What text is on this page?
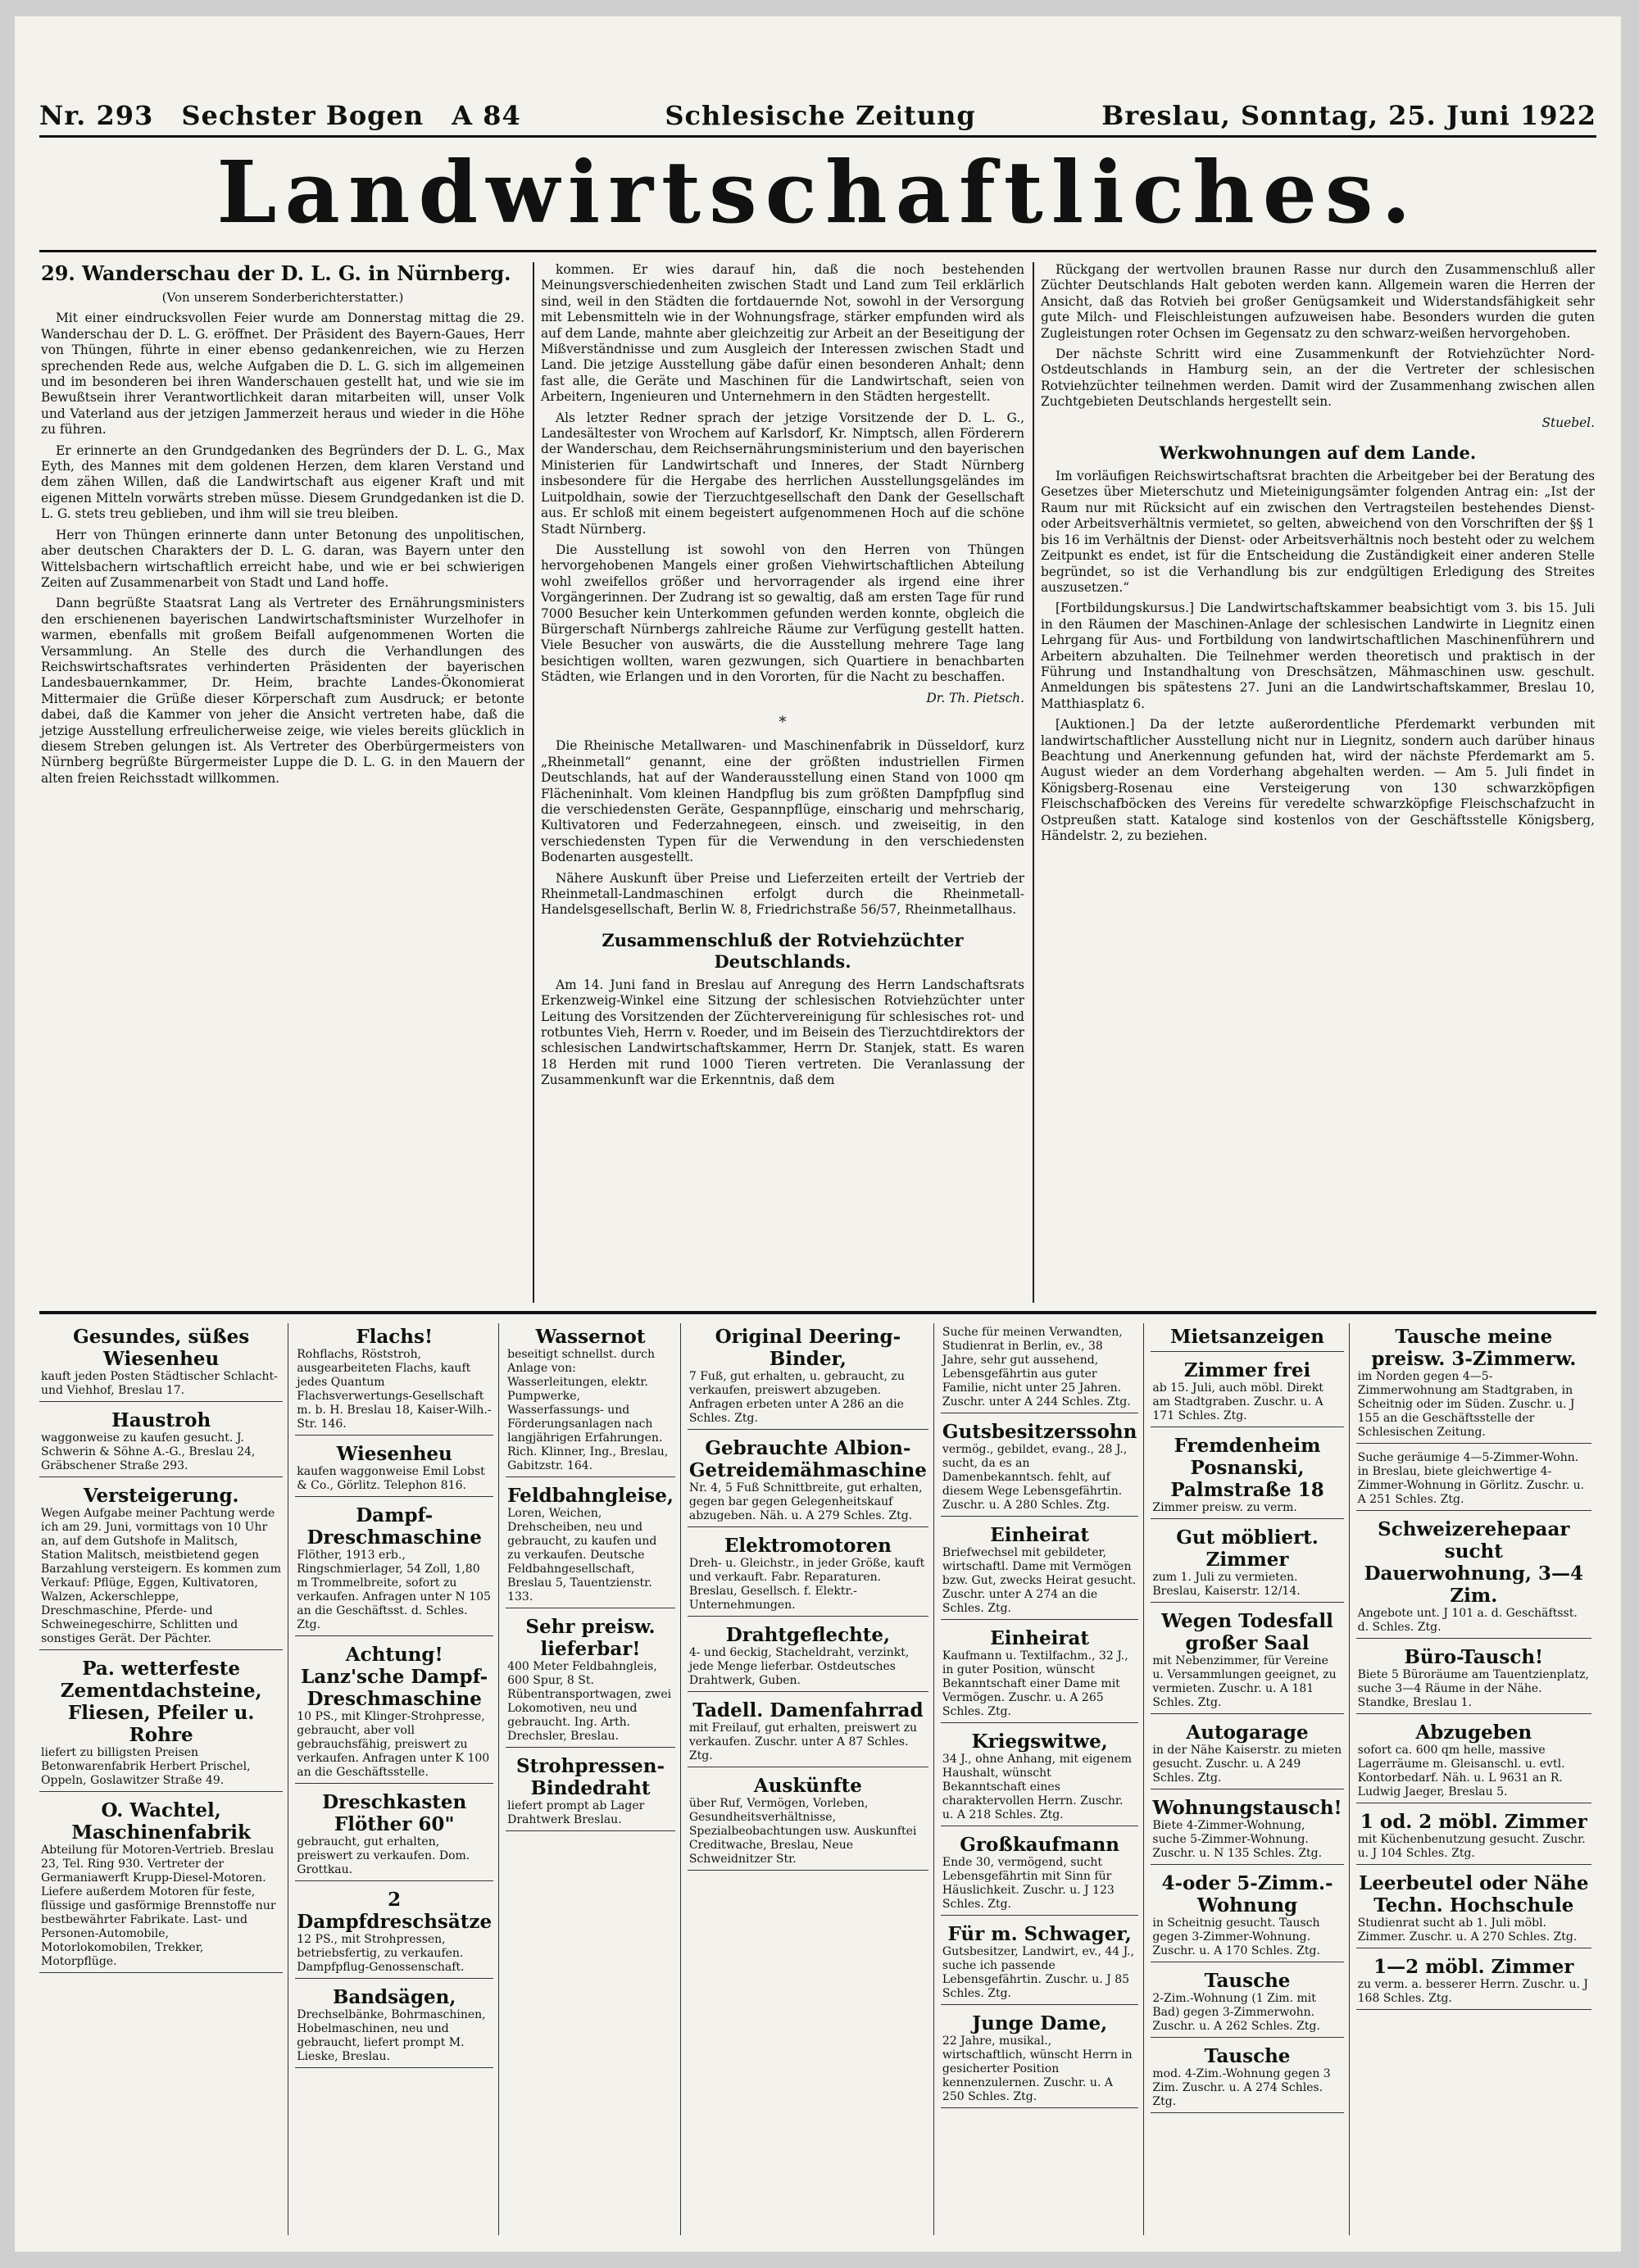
Nr. 293 Sechster Bogen A 84	Schlesische Zeitung	Breslau, Sonntag, 25. Juni 1922
Landwirtschaftliches.
29. Wanderschau der D. L. G. in Nürnberg.
(Von unserem Sonderberichterstatter.)

Mit einer eindrucksvollen Feier wurde am Donnerstag mittag die 29. Wanderschau der D. L. G. eröffnet. Der Präsident des Bayern-Gaues, Herr von Thüngen, führte in einer ebenso gedankenreichen, wie zu Herzen sprechenden Rede aus, welche Aufgaben die D. L. G. sich im allgemeinen und im besonderen bei ihren Wanderschauen gestellt hat, und wie sie im Bewußtsein ihrer Verantwortlichkeit daran mitarbeiten will, unser Volk und Vaterland aus der jetzigen Jammerzeit heraus und wieder in die Höhe zu führen.

Er erinnerte an den Grundgedanken des Begründers der D. L. G., Max Eyth, des Mannes mit dem goldenen Herzen, dem klaren Verstand und dem zähen Willen, daß die Landwirtschaft aus eigener Kraft und mit eigenen Mitteln vorwärts streben müsse. Diesem Grundgedanken ist die D. L. G. stets treu geblieben, und ihm will sie treu bleiben.

Herr von Thüngen erinnerte dann unter Betonung des unpolitischen, aber deutschen Charakters der D. L. G. daran, was Bayern unter den Wittelsbachern wirtschaftlich erreicht habe, und wie er bei schwierigen Zeiten auf Zusammenarbeit von Stadt und Land hoffe.

Dann begrüßte Staatsrat Lang als Vertreter des Ernährungsministers den erschienenen bayerischen Landwirtschaftsminister Wurzelhofer in warmen, ebenfalls mit großem Beifall aufgenommenen Worten die Versammlung. An Stelle des durch die Verhandlungen des Reichswirtschaftsrates verhinderten Präsidenten der bayerischen Landesbauernkammer, Dr. Heim, brachte Landes-Ökonomierat Mittermaier die Grüße dieser Körperschaft zum Ausdruck; er betonte dabei, daß die Kammer von jeher die Ansicht vertreten habe, daß die jetzige Ausstellung erfreulicherweise zeige, wie vieles bereits glücklich in diesem Streben gelungen ist. Als Vertreter des Oberbürgermeisters von Nürnberg begrüßte Bürgermeister Luppe die D. L. G. in den Mauern der alten freien Reichsstadt willkommen.

kommen. Er wies darauf hin, daß die noch bestehenden Meinungsverschiedenheiten zwischen Stadt und Land zum Teil erklärlich sind, weil in den Städten die fortdauernde Not, sowohl in der Versorgung mit Lebensmitteln wie in der Wohnungsfrage, stärker empfunden wird als auf dem Lande, mahnte aber gleichzeitig zur Arbeit an der Beseitigung der Mißverständnisse und zum Ausgleich der Interessen zwischen Stadt und Land. Die jetzige Ausstellung gäbe dafür einen besonderen Anhalt; denn fast alle, die Geräte und Maschinen für die Landwirtschaft, seien von Arbeitern, Ingenieuren und Unternehmern in den Städten hergestellt.

Als letzter Redner sprach der jetzige Vorsitzende der D. L. G., Landesältester von Wrochem auf Karlsdorf, Kr. Nimptsch, allen Förderern der Wanderschau, dem Reichsernährungsministerium und den bayerischen Ministerien für Landwirtschaft und Inneres, der Stadt Nürnberg insbesondere für die Hergabe des herrlichen Ausstellungsgeländes im Luitpoldhain, sowie der Tierzuchtgesellschaft den Dank der Gesellschaft aus. Er schloß mit einem begeistert aufgenommenen Hoch auf die schöne Stadt Nürnberg.

Die Ausstellung ist sowohl von den Herren von Thüngen hervorgehobenen Mangels einer großen Viehwirtschaftlichen Abteilung wohl zweifellos größer und hervorragender als irgend eine ihrer Vorgängerinnen. Der Zudrang ist so gewaltig, daß am ersten Tage für rund 7000 Besucher kein Unterkommen gefunden werden konnte, obgleich die Bürgerschaft Nürnbergs zahlreiche Räume zur Verfügung gestellt hatten. Viele Besucher von auswärts, die die Ausstellung mehrere Tage lang besichtigen wollten, waren gezwungen, sich Quartiere in benachbarten Städten, wie Erlangen und in den Vororten, für die Nacht zu beschaffen.

Dr. Th. Pietsch.
*

Die Rheinische Metallwaren- und Maschinenfabrik in Düsseldorf, kurz „Rheinmetall“ genannt, eine der größten industriellen Firmen Deutschlands, hat auf der Wanderausstellung einen Stand von 1000 qm Flächeninhalt. Vom kleinen Handpflug bis zum größten Dampfpflug sind die verschiedensten Geräte, Gespannpflüge, einscharig und mehrscharig, Kultivatoren und Federzahnegeen, einsch. und zweiseitig, in den verschiedensten Typen für die Verwendung in den verschiedensten Bodenarten ausgestellt.

Nähere Auskunft über Preise und Lieferzeiten erteilt der Vertrieb der Rheinmetall-Landmaschinen erfolgt durch die Rheinmetall-Handelsgesellschaft, Berlin W. 8, Friedrichstraße 56/57, Rheinmetallhaus.

Zusammenschluß der Rotviehzüchter Deutschlands.

Am 14. Juni fand in Breslau auf Anregung des Herrn Landschaftsrats Erkenzweig-Winkel eine Sitzung der schlesischen Rotviehzüchter unter Leitung des Vorsitzenden der Züchtervereinigung für schlesisches rot- und rotbuntes Vieh, Herrn v. Roeder, und im Beisein des Tierzuchtdirektors der schlesischen Landwirtschaftskammer, Herrn Dr. Stanjek, statt. Es waren 18 Herden mit rund 1000 Tieren vertreten. Die Veranlassung der Zusammenkunft war die Erkenntnis, daß dem

Rückgang der wertvollen braunen Rasse nur durch den Zusammenschluß aller Züchter Deutschlands Halt geboten werden kann. Allgemein waren die Herren der Ansicht, daß das Rotvieh bei großer Genügsamkeit und Widerstandsfähigkeit sehr gute Milch- und Fleischleistungen aufzuweisen habe. Besonders wurden die guten Zugleistungen roter Ochsen im Gegensatz zu den schwarz-weißen hervorgehoben.

Der nächste Schritt wird eine Zusammenkunft der Rotviehzüchter Nord-Ostdeutschlands in Hamburg sein, an der die Vertreter der schlesischen Rotviehzüchter teilnehmen werden. Damit wird der Zusammenhang zwischen allen Zuchtgebieten Deutschlands hergestellt sein.

Stuebel.
Werkwohnungen auf dem Lande.

Im vorläufigen Reichswirtschaftsrat brachten die Arbeitgeber bei der Beratung des Gesetzes über Mieterschutz und Mieteinigungsämter folgenden Antrag ein: „Ist der Raum nur mit Rücksicht auf ein zwischen den Vertragsteilen bestehendes Dienst- oder Arbeitsverhältnis vermietet, so gelten, abweichend von den Vorschriften der §§ 1 bis 16 im Verhältnis der Dienst- oder Arbeitsverhältnis noch besteht oder zu welchem Zeitpunkt es endet, ist für die Entscheidung die Zuständigkeit einer anderen Stelle begründet, so ist die Verhandlung bis zur endgültigen Erledigung des Streites auszusetzen.“

[Fortbildungskursus.] Die Landwirtschaftskammer beabsichtigt vom 3. bis 15. Juli in den Räumen der Maschinen-Anlage der schlesischen Landwirte in Liegnitz einen Lehrgang für Aus- und Fortbildung von landwirtschaftlichen Maschinenführern und Arbeitern abzuhalten. Die Teilnehmer werden theoretisch und praktisch in der Führung und Instandhaltung von Dreschsätzen, Mähmaschinen usw. geschult. Anmeldungen bis spätestens 27. Juni an die Landwirtschaftskammer, Breslau 10, Matthiasplatz 6.

[Auktionen.] Da der letzte außerordentliche Pferdemarkt verbunden mit landwirtschaftlicher Ausstellung nicht nur in Liegnitz, sondern auch darüber hinaus Beachtung und Anerkennung gefunden hat, wird der nächste Pferdemarkt am 5. August wieder an dem Vorderhang abgehalten werden. — Am 5. Juli findet in Königsberg-Rosenau eine Versteigerung von 130 schwarzköpfigen Fleischschafböcken des Vereins für veredelte schwarzköpfige Fleischschafzucht in Ostpreußen statt. Kataloge sind kostenlos von der Geschäftsstelle Königsberg, Händelstr. 2, zu beziehen.

Gesundes, süßes Wiesenheu
kauft jeden Posten Städtischer Schlacht- und Viehhof, Breslau 17.
Haustroh
waggonweise zu kaufen gesucht. J. Schwerin & Söhne A.-G., Breslau 24, Gräbschener Straße 293.
Versteigerung.
Wegen Aufgabe meiner Pachtung werde ich am 29. Juni, vormittags von 10 Uhr an, auf dem Gutshofe in Malitsch, Station Malitsch, meistbietend gegen Barzahlung versteigern. Es kommen zum Verkauf: Pflüge, Eggen, Kultivatoren, Walzen, Ackerschleppe, Dreschmaschine, Pferde- und Schweinegeschirre, Schlitten und sonstiges Gerät. Der Pächter.
Pa. wetterfeste Zementdachsteine, Fliesen, Pfeiler u. Rohre
liefert zu billigsten Preisen Betonwarenfabrik Herbert Prischel, Oppeln, Goslawitzer Straße 49.
O. Wachtel, Maschinenfabrik
Abteilung für Motoren-Vertrieb. Breslau 23, Tel. Ring 930. Vertreter der Germaniawerft Krupp-Diesel-Motoren. Liefere außerdem Motoren für feste, flüssige und gasförmige Brennstoffe nur bestbewährter Fabrikate. Last- und Personen-Automobile, Motorlokomobilen, Trekker, Motorpflüge.
Flachs!
Rohflachs, Röststroh, ausgearbeiteten Flachs, kauft jedes Quantum Flachsverwertungs-Gesellschaft m. b. H. Breslau 18, Kaiser-Wilh.-Str. 146.
Wiesenheu
kaufen waggonweise Emil Lobst & Co., Görlitz. Telephon 816.
Dampf-Dreschmaschine
Flöther, 1913 erb., Ringschmierlager, 54 Zoll, 1,80 m Trommelbreite, sofort zu verkaufen. Anfragen unter N 105 an die Geschäftsst. d. Schles. Ztg.
Achtung! Lanz'sche Dampf-Dreschmaschine
10 PS., mit Klinger-Strohpresse, gebraucht, aber voll gebrauchsfähig, preiswert zu verkaufen. Anfragen unter K 100 an die Geschäftsstelle.
Dreschkasten Flöther 60"
gebraucht, gut erhalten, preiswert zu verkaufen. Dom. Grottkau.
2 Dampfdreschsätze
12 PS., mit Strohpressen, betriebsfertig, zu verkaufen. Dampfpflug-Genossenschaft.
Bandsägen,
Drechselbänke, Bohrmaschinen, Hobelmaschinen, neu und gebraucht, liefert prompt M. Lieske, Breslau.
Wassernot
beseitigt schnellst. durch Anlage von: Wasserleitungen, elektr. Pumpwerke, Wasserfassungs- und Förderungsanlagen nach langjährigen Erfahrungen. Rich. Klinner, Ing., Breslau, Gabitzstr. 164.
Feldbahngleise,
Loren, Weichen, Drehscheiben, neu und gebraucht, zu kaufen und zu verkaufen. Deutsche Feldbahngesellschaft, Breslau 5, Tauentzienstr. 133.
Sehr preisw. lieferbar!
400 Meter Feldbahngleis, 600 Spur, 8 St. Rübentransportwagen, zwei Lokomotiven, neu und gebraucht. Ing. Arth. Drechsler, Breslau.
Strohpressen-Bindedraht
liefert prompt ab Lager Drahtwerk Breslau.
Original Deering-Binder,
7 Fuß, gut erhalten, u. gebraucht, zu verkaufen, preiswert abzugeben. Anfragen erbeten unter A 286 an die Schles. Ztg.
Gebrauchte Albion-Getreidemähmaschine
Nr. 4, 5 Fuß Schnittbreite, gut erhalten, gegen bar gegen Gelegenheitskauf abzugeben. Näh. u. A 279 Schles. Ztg.
Elektromotoren
Dreh- u. Gleichstr., in jeder Größe, kauft und verkauft. Fabr. Reparaturen. Breslau, Gesellsch. f. Elektr.-Unternehmungen.
Drahtgeflechte,
4- und 6eckig, Stacheldraht, verzinkt, jede Menge lieferbar. Ostdeutsches Drahtwerk, Guben.
Tadell. Damenfahrrad
mit Freilauf, gut erhalten, preiswert zu verkaufen. Zuschr. unter A 87 Schles. Ztg.
Auskünfte
über Ruf, Vermögen, Vorleben, Gesundheitsverhältnisse, Spezialbeobachtungen usw. Auskunftei Creditwache, Breslau, Neue Schweidnitzer Str.
Suche für meinen Verwandten, Studienrat in Berlin, ev., 38 Jahre, sehr gut aussehend, Lebensgefährtin aus guter Familie, nicht unter 25 Jahren. Zuschr. unter A 244 Schles. Ztg.
Gutsbesitzerssohn
vermög., gebildet, evang., 28 J., sucht, da es an Damenbekanntsch. fehlt, auf diesem Wege Lebensgefährtin. Zuschr. u. A 280 Schles. Ztg.
Einheirat
Briefwechsel mit gebildeter, wirtschaftl. Dame mit Vermögen bzw. Gut, zwecks Heirat gesucht. Zuschr. unter A 274 an die Schles. Ztg.
Einheirat
Kaufmann u. Textilfachm., 32 J., in guter Position, wünscht Bekanntschaft einer Dame mit Vermögen. Zuschr. u. A 265 Schles. Ztg.
Kriegswitwe,
34 J., ohne Anhang, mit eigenem Haushalt, wünscht Bekanntschaft eines charaktervollen Herrn. Zuschr. u. A 218 Schles. Ztg.
Großkaufmann
Ende 30, vermögend, sucht Lebensgefährtin mit Sinn für Häuslichkeit. Zuschr. u. J 123 Schles. Ztg.
Für m. Schwager,
Gutsbesitzer, Landwirt, ev., 44 J., suche ich passende Lebensgefährtin. Zuschr. u. J 85 Schles. Ztg.
Junge Dame,
22 Jahre, musikal., wirtschaftlich, wünscht Herrn in gesicherter Position kennenzulernen. Zuschr. u. A 250 Schles. Ztg.
Mietsanzeigen
Zimmer frei
ab 15. Juli, auch möbl. Direkt am Stadtgraben. Zuschr. u. A 171 Schles. Ztg.
Fremdenheim Posnanski, Palmstraße 18
Zimmer preisw. zu verm.
Gut möbliert. Zimmer
zum 1. Juli zu vermieten. Breslau, Kaiserstr. 12/14.
Wegen Todesfall großer Saal
mit Nebenzimmer, für Vereine u. Versammlungen geeignet, zu vermieten. Zuschr. u. A 181 Schles. Ztg.
Autogarage
in der Nähe Kaiserstr. zu mieten gesucht. Zuschr. u. A 249 Schles. Ztg.
Wohnungstausch!
Biete 4-Zimmer-Wohnung, suche 5-Zimmer-Wohnung. Zuschr. u. N 135 Schles. Ztg.
4-oder 5-Zimm.-Wohnung
in Scheitnig gesucht. Tausch gegen 3-Zimmer-Wohnung. Zuschr. u. A 170 Schles. Ztg.
Tausche
2-Zim.-Wohnung (1 Zim. mit Bad) gegen 3-Zimmerwohn. Zuschr. u. A 262 Schles. Ztg.
Tausche
mod. 4-Zim.-Wohnung gegen 3 Zim. Zuschr. u. A 274 Schles. Ztg.
Tausche meine preisw. 3-Zimmerw.
im Norden gegen 4—5-Zimmerwohnung am Stadtgraben, in Scheitnig oder im Süden. Zuschr. u. J 155 an die Geschäftsstelle der Schlesischen Zeitung.
Suche geräumige 4—5-Zimmer-Wohn. in Breslau, biete gleichwertige 4-Zimmer-Wohnung in Görlitz. Zuschr. u. A 251 Schles. Ztg.
Schweizerehepaar sucht Dauerwohnung, 3—4 Zim.
Angebote unt. J 101 a. d. Geschäftsst. d. Schles. Ztg.
Büro-Tausch!
Biete 5 Büroräume am Tauentzienplatz, suche 3—4 Räume in der Nähe. Standke, Breslau 1.
Abzugeben
sofort ca. 600 qm helle, massive Lagerräume m. Gleisanschl. u. evtl. Kontorbedarf. Näh. u. L 9631 an R. Ludwig Jaeger, Breslau 5.
1 od. 2 möbl. Zimmer
mit Küchenbenutzung gesucht. Zuschr. u. J 104 Schles. Ztg.
Leerbeutel oder Nähe Techn. Hochschule
Studienrat sucht ab 1. Juli möbl. Zimmer. Zuschr. u. A 270 Schles. Ztg.
1—2 möbl. Zimmer
zu verm. a. besserer Herrn. Zuschr. u. J 168 Schles. Ztg.
